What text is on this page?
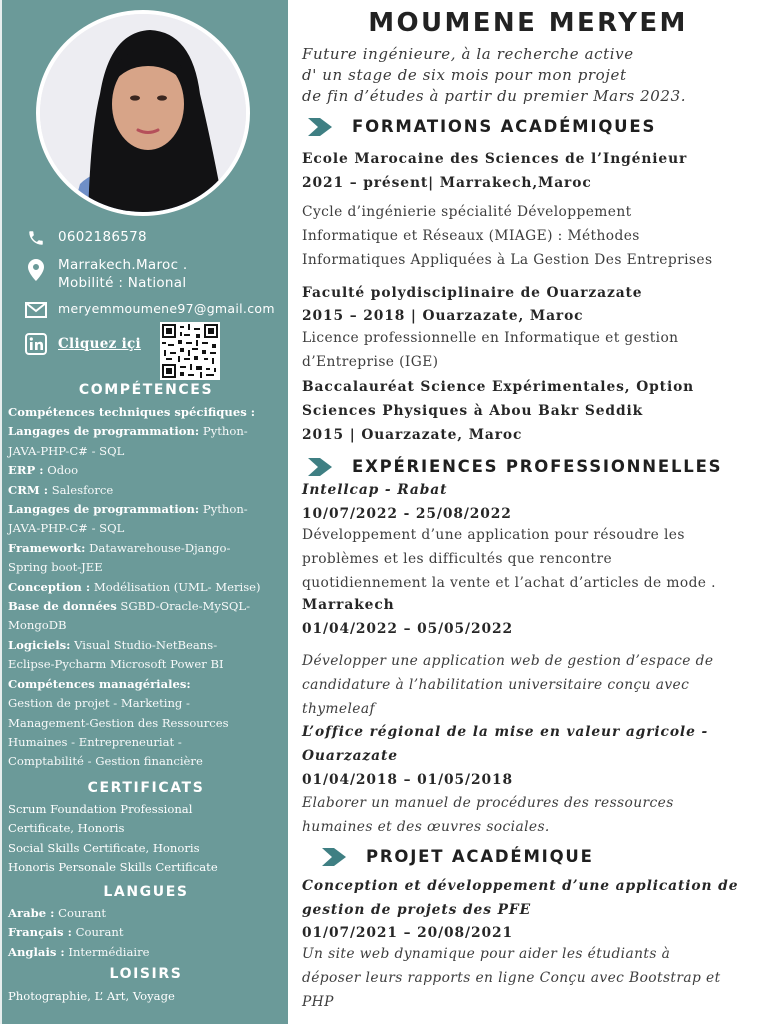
0602186578
Marrakech.Maroc .
Mobilité : National
meryemmoumene97@gmail.com
Cliquez içi
COMPÉTENCES
Compétences techniques spécifiques :
Langages de programmation: Python-
JAVA-PHP-C# - SQL
ERP : Odoo
CRM : Salesforce
Langages de programmation: Python-
JAVA-PHP-C# - SQL
Framework: Datawarehouse-Django-
Spring boot-JEE
Conception : Modélisation (UML- Merise)
Base de données SGBD-Oracle-MySQL-
MongoDB
Logiciels: Visual Studio-NetBeans-
Eclipse-Pycharm Microsoft Power BI
Compétences managériales:
Gestion de projet - Marketing -
Management-Gestion des Ressources
Humaines - Entrepreneuriat -
Comptabilité - Gestion financière
CERTIFICATS
Scrum Foundation Professional
Certificate, Honoris
Social Skills Certificate, Honoris
Honoris Personale Skills Certificate
LANGUES
Arabe : Courant
Français : Courant
Anglais : Intermédiaire
LOISIRS
Photographie, L’ Art, Voyage
MOUMENE MERYEM
Future ingénieure, à la recherche active
d' un stage de six mois pour mon projet
de fin d’études à partir du premier Mars 2023.
FORMATIONS ACADÉMIQUES
Ecole Marocaine des Sciences de l’Ingénieur
2021 – présent| Marrakech,Maroc
Cycle d’ingénierie spécialité Développement
Informatique et Réseaux (MIAGE) : Méthodes
Informatiques Appliquées à La Gestion Des Entreprises
Faculté polydisciplinaire de Ouarzazate
2015 – 2018 | Ouarzazate, Maroc
Licence professionnelle en Informatique et gestion
d’Entreprise (IGE)
Baccalauréat Science Expérimentales, Option
Sciences Physiques à Abou Bakr Seddik
2015 | Ouarzazate, Maroc
EXPÉRIENCES PROFESSIONNELLES
Intellcap - Rabat
10/07/2022 - 25/08/2022
Développement d’une application pour résoudre les
problèmes et les difficultés que rencontre
quotidiennement la vente et l’achat d’articles de mode .
Marrakech
01/04/2022 – 05/05/2022
Développer une application web de gestion d’espace de
candidature à l’habilitation universitaire conçu avec
thymeleaf
L’office régional de la mise en valeur agricole -
Ouarzazate
01/04/2018 – 01/05/2018
Elaborer un manuel de procédures des ressources
humaines et des œuvres sociales.
PROJET ACADÉMIQUE
Conception et développement d’une application de
gestion de projets des PFE
01/07/2021 – 20/08/2021
Un site web dynamique pour aider les étudiants à
déposer leurs rapports en ligne Conçu avec Bootstrap et
PHP
